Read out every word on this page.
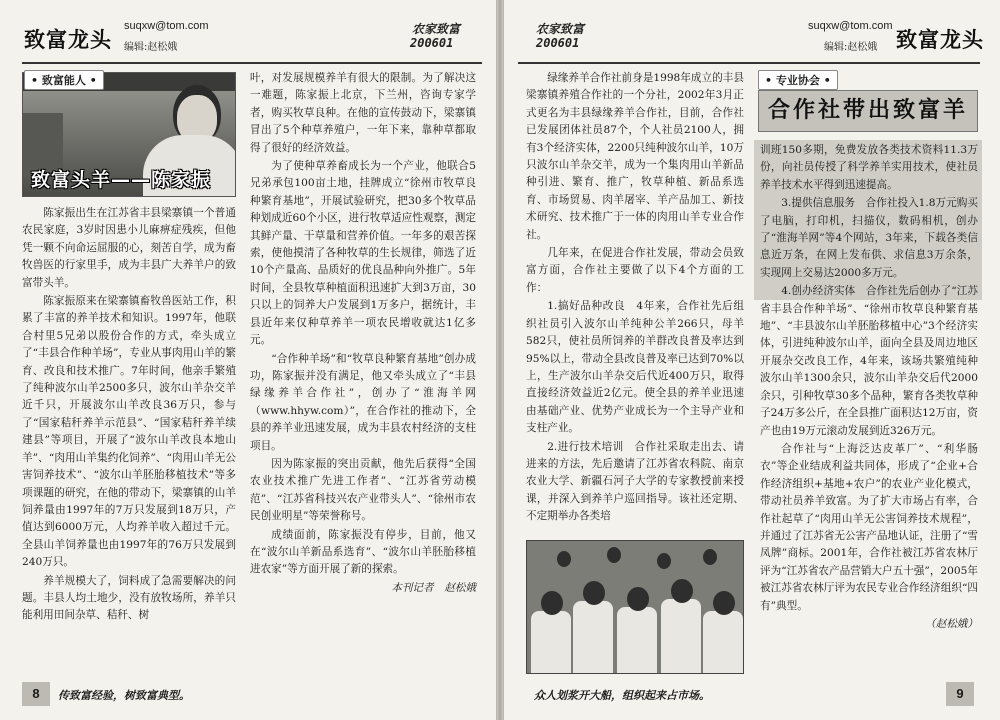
致富龙头
suqxw@tom.com
编辑:赵松娥
农家致富
200601
致富头羊——陈家振
• 致富能人 •

陈家振出生在江苏省丰县梁寨镇一个普通农民家庭，3岁时因患小儿麻痹症残疾，但他凭一颗不向命运屈服的心，刻苦自学，成为畜牧兽医的行家里手，成为丰县广大养羊户的致富带头羊。

陈家振原来在梁寨镇畜牧兽医站工作，积累了丰富的养羊技术和知识。1997年，他联合村里5兄弟以股份合作的方式，牵头成立了“丰县合作种羊场”，专业从事肉用山羊的繁育、改良和技术推广。7年时间，他亲手繁殖了纯种波尔山羊2500多只，波尔山羊杂交羊近千只，开展波尔山羊改良36万只，参与了“国家秸秆养羊示范县”、“国家秸秆养羊续建县”等项目，开展了“波尔山羊改良本地山羊”、“肉用山羊集约化饲养”、“肉用山羊无公害饲养技术”、“波尔山羊胚胎移植技术”等多项课题的研究，在他的带动下，梁寨镇的山羊饲养量由1997年的7万只发展到18万只，产值达到6000万元，人均养羊收入超过千元。全县山羊饲养量也由1997年的76万只发展到240万只。

养羊规模大了，饲料成了急需要解决的问题。丰县人均土地少，没有放牧场所，养羊只能利用田间杂草、秸秆、树

叶，对发展规模养羊有很大的限制。为了解决这一难题，陈家振上北京，下兰州，咨询专家学者，购买牧草良种。在他的宣传鼓动下，梁寨镇冒出了5个种草养殖户，一年下来，靠种草都取得了很好的经济效益。

为了使种草养畜成长为一个产业，他联合5兄弟承包100亩土地，挂牌成立“徐州市牧草良种繁育基地”，开展试验研究，把30多个牧草品种划成近60个小区，进行牧草适应性观察，测定其鲜产量、干草量和营养价值。一年多的艰苦探索，使他摸清了各种牧草的生长规律，筛选了近10个产量高、品质好的优良品种向外推广。5年时间，全县牧草种植面积迅速扩大到3万亩，30只以上的饲养大户发展到1万多户，据统计，丰县近年来仅种草养羊一项农民增收就达1亿多元。

“合作种羊场”和“牧草良种繁育基地”创办成功，陈家振并没有满足，他又牵头成立了“丰县绿缘养羊合作社”，创办了“淮海羊网（www.hhyw.com）”，在合作社的推动下，全县的养羊业迅速发展，成为丰县农村经济的支柱项目。

因为陈家振的突出贡献，他先后获得“全国农业技术推广先进工作者”、“江苏省劳动模范”、“江苏省科技兴农产业带头人”、“徐州市农民创业明星”等荣誉称号。

成绩面前，陈家振没有停步，目前，他又在“波尔山羊新品系选育”、“波尔山羊胚胎移植进农家”等方面开展了新的探索。

本刊记者　赵松娥

8	传致富经验，树致富典型。
农家致富
200601
suqxw@tom.com
编辑:赵松娥 致富龙头

绿缘养羊合作社前身是1998年成立的丰县梁寨镇养殖合作社的一个分社，2002年3月正式更名为丰县绿缘养羊合作社，目前，合作社已发展团体社员87个，个人社员2100人，拥有3个经济实体，2200只纯种波尔山羊，10万只波尔山羊杂交羊，成为一个集肉用山羊新品种引进、繁育、推广，牧草种植、新品系选育、市场贸易、肉羊屠宰、羊产品加工、新技术研究、技术推广于一体的肉用山羊专业合作社。

几年来，在促进合作社发展，带动会员致富方面，合作社主要做了以下4个方面的工作：

1.搞好品种改良　4年来，合作社先后组织社员引入波尔山羊纯种公羊266只，母羊582只，使社员所饲养的羊群改良普及率达到95%以上，带动全县改良普及率已达到70%以上，生产波尔山羊杂交后代近400万只，取得直接经济效益近2亿元。使全县的养羊业迅速由基础产业、优势产业成长为一个主导产业和支柱产业。

2.进行技术培训　合作社采取走出去、请进来的方法，先后邀请了江苏省农科院、南京农业大学、新疆石河子大学的专家教授前来授课，并深入到养羊户巡回指导。该社还定期、不定期举办各类培

• 专业协会 •
合作社带出致富羊

训班150多期，免费发放各类技术资料11.3万份，向社员传授了科学养羊实用技术，使社员养羊技术水平得到迅速提高。

3.提供信息服务　合作社投入1.8万元购买了电脑，打印机，扫描仪，数码相机，创办了“淮海羊网”等4个网站，3年来，下载各类信息近万条，在网上发布供、求信息3万余条，实现网上交易达2000多万元。

4.创办经济实体　合作社先后创办了“江苏省丰县合作种羊场”、“徐州市牧草良种繁育基地”、“丰县波尔山羊胚胎移植中心”3个经济实体，引进纯种波尔山羊，面向全县及周边地区开展杂交改良工作，4年来，该场共繁殖纯种波尔山羊1300余只，波尔山羊杂交后代2000余只，引种牧草30多个品种，繁育各类牧草种子24万多公斤，在全县推广面积达12万亩，资产也由19万元滚动发展到近326万元。

合作社与“上海泛达皮革厂”、“利华肠衣”等企业结成利益共同体，形成了“企业+合作经济组织+基地+农户”的农业产业化模式，带动社员养羊致富。为了扩大市场占有率，合作社起草了“肉用山羊无公害饲养技术规程”，并通过了江苏省无公害产品地认证，注册了“雪凤牌”商标。2001年，合作社被江苏省农林厅评为“江苏省农产品营销大户五十强”，2005年被江苏省农林厅评为农民专业合作经济组织“四有”典型。

（赵松娥）

众人划浆开大船，组织起来占市场。	9
